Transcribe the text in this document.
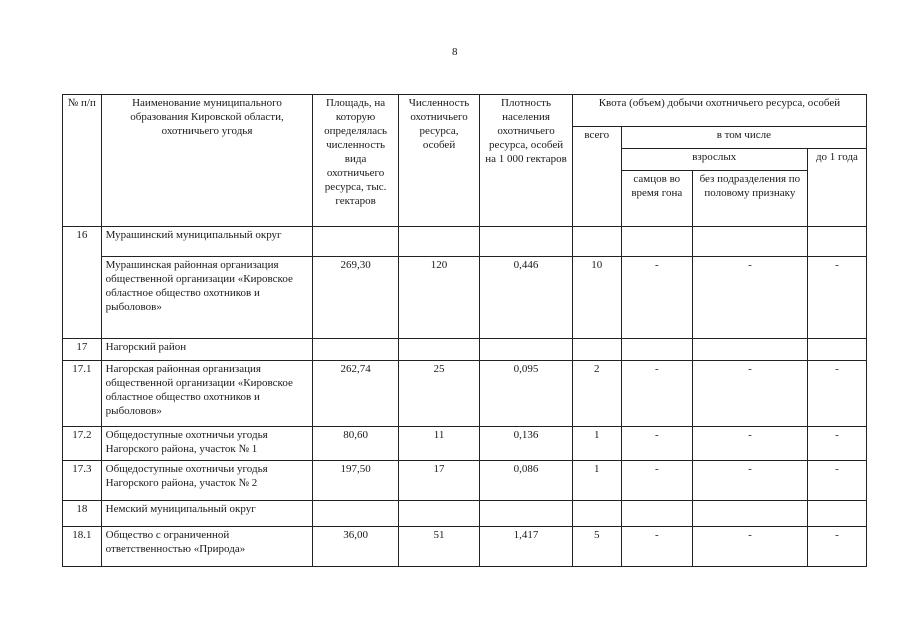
8
№ п/п	Наименование муниципального образования Кировской области, охотничьего угодья	Площадь, на которую определялась численность вида охотничьего ресурса, тыс. гектаров	Численность охотничьего ресурса, особей	Плотность населения охотничьего ресурса, особей на 1 000 гектаров	Квота (объем) добычи охотничьего ресурса, особей			
					всего	в том числе		
						взрослых		до 1 года
						самцов во время гона	без подразделения по половому признаку	
16	Мурашинский муниципальный округ							
	Мурашинская районная организация общественной организации «Кировское областное общество охотников и рыболовов»	269,30	120	0,446	10	-	-	-
17	Нагорский район							
17.1	Нагорская районная организация общественной организации «Кировское областное общество охотников и рыболовов»	262,74	25	0,095	2	-	-	-
17.2	Общедоступные охотничьи угодья Нагорского района, участок № 1	80,60	11	0,136	1	-	-	-
17.3	Общедоступные охотничьи угодья Нагорского района, участок № 2	197,50	17	0,086	1	-	-	-
18	Немский муниципальный округ							
18.1	Общество с ограниченной ответственностью «Природа»	36,00	51	1,417	5	-	-	-
